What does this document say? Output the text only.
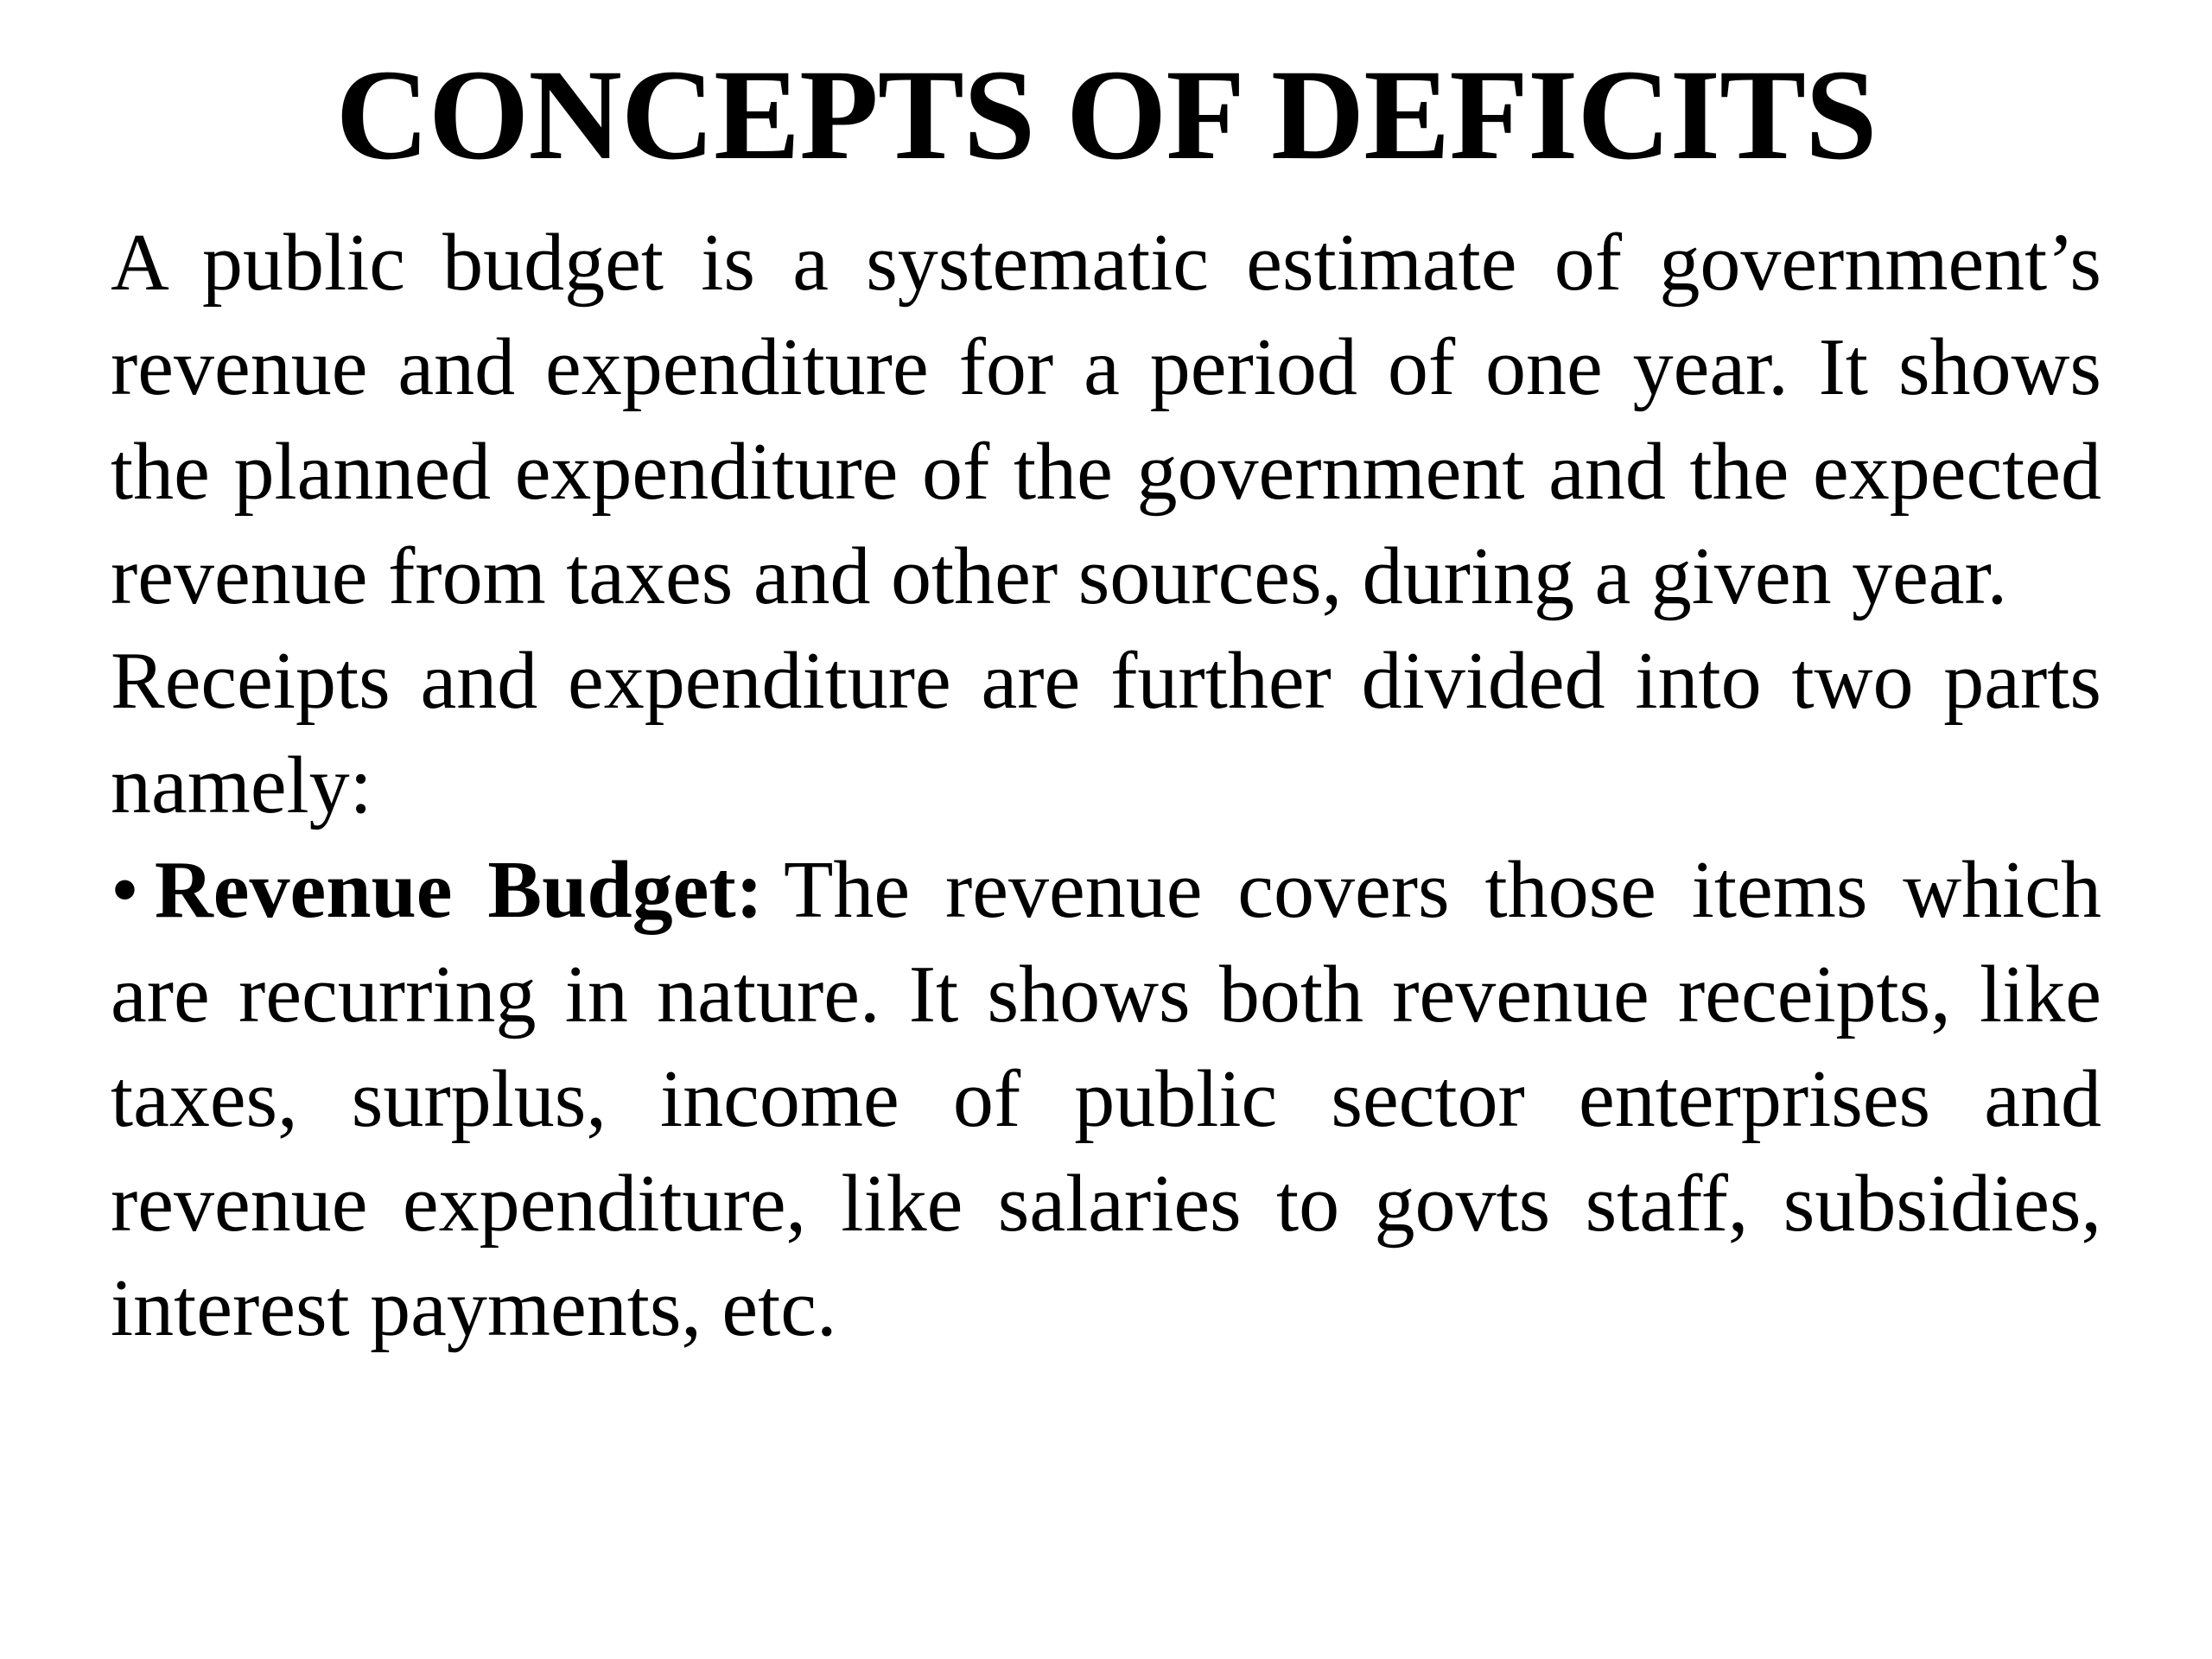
CONCEPTS OF DEFICITS

A public budget is a systematic estimate of government’s revenue and expenditure for a period of one year. It shows the planned expenditure of the government and the expected revenue from taxes and other sources, during a given year.

Receipts and expenditure are further divided into two parts namely:

• Revenue Budget: The revenue covers those items which are recurring in nature. It shows both revenue receipts, like taxes, surplus, income of public sector enterprises and revenue expenditure, like salaries to govts staff, subsidies, interest payments, etc.
